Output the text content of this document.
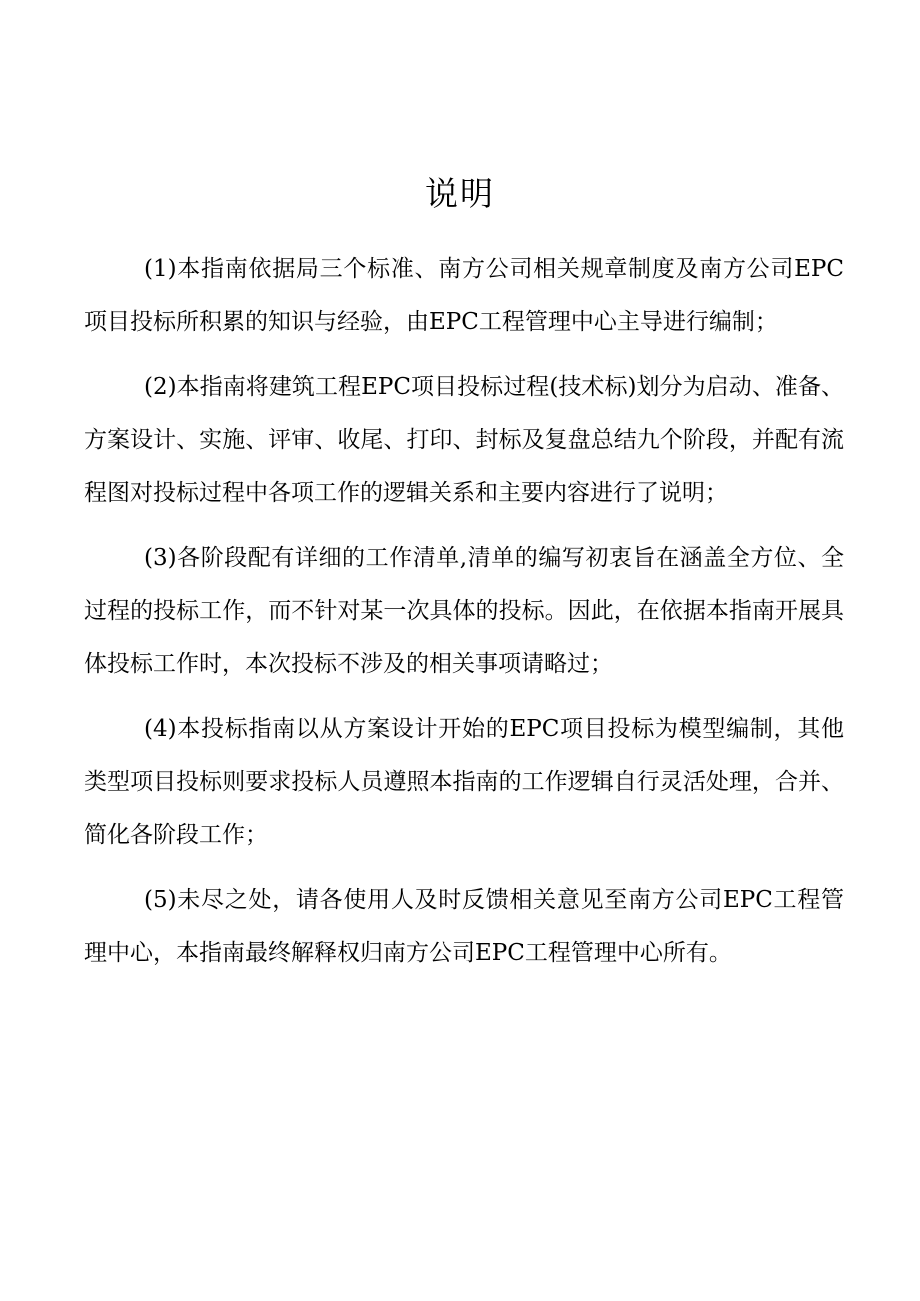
说明

(1)本指南依据局三个标准、南方公司相关规章制度及南方公司EPC项目投标所积累的知识与经验，由EPC工程管理中心主导进行编制；

(2)本指南将建筑工程EPC项目投标过程(技术标)划分为启动、准备、方案设计、实施、评审、收尾、打印、封标及复盘总结九个阶段，并配有流程图对投标过程中各项工作的逻辑关系和主要内容进行了说明；

(3)各阶段配有详细的工作清单,清单的编写初衷旨在涵盖全方位、全过程的投标工作，而不针对某一次具体的投标。因此，在依据本指南开展具体投标工作时，本次投标不涉及的相关事项请略过；

(4)本投标指南以从方案设计开始的EPC项目投标为模型编制，其他类型项目投标则要求投标人员遵照本指南的工作逻辑自行灵活处理，合并、简化各阶段工作；

(5)未尽之处，请各使用人及时反馈相关意见至南方公司EPC工程管理中心，本指南最终解释权归南方公司EPC工程管理中心所有。
